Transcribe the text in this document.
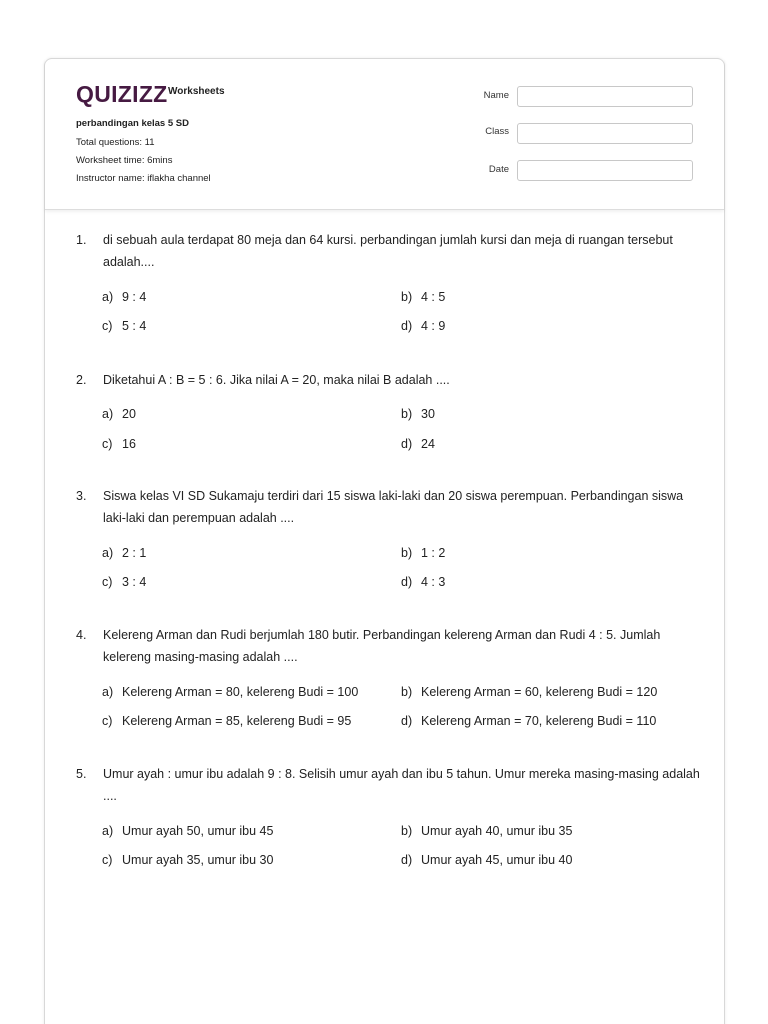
QUIZIZZ Worksheets
perbandingan kelas 5 SD
Total questions: 11
Worksheet time: 6mins
Instructor name: iflakha channel
Name
Class
Date
1. di sebuah aula terdapat 80 meja dan 64 kursi. perbandingan jumlah kursi dan meja di ruangan tersebut adalah....
a) 9 : 4	b) 4 : 5
c) 5 : 4	d) 4 : 9
2. Diketahui A : B = 5 : 6. Jika nilai A = 20, maka nilai B adalah ....
a) 20	b) 30
c) 16	d) 24
3. Siswa kelas VI SD Sukamaju terdiri dari 15 siswa laki-laki dan 20 siswa perempuan. Perbandingan siswa laki-laki dan perempuan adalah ....
a) 2 : 1	b) 1 : 2
c) 3 : 4	d) 4 : 3
4. Kelereng Arman dan Rudi berjumlah 180 butir. Perbandingan kelereng Arman dan Rudi 4 : 5. Jumlah kelereng masing-masing adalah ....
a) Kelereng Arman = 80, kelereng Budi = 100	b) Kelereng Arman = 60, kelereng Budi = 120
c) Kelereng Arman = 85, kelereng Budi = 95	d) Kelereng Arman = 70, kelereng Budi = 110
5. Umur ayah : umur ibu adalah 9 : 8. Selisih umur ayah dan ibu 5 tahun. Umur mereka masing-masing adalah ....
a) Umur ayah 50, umur ibu 45	b) Umur ayah 40, umur ibu 35
c) Umur ayah 35, umur ibu 30	d) Umur ayah 45, umur ibu 40
